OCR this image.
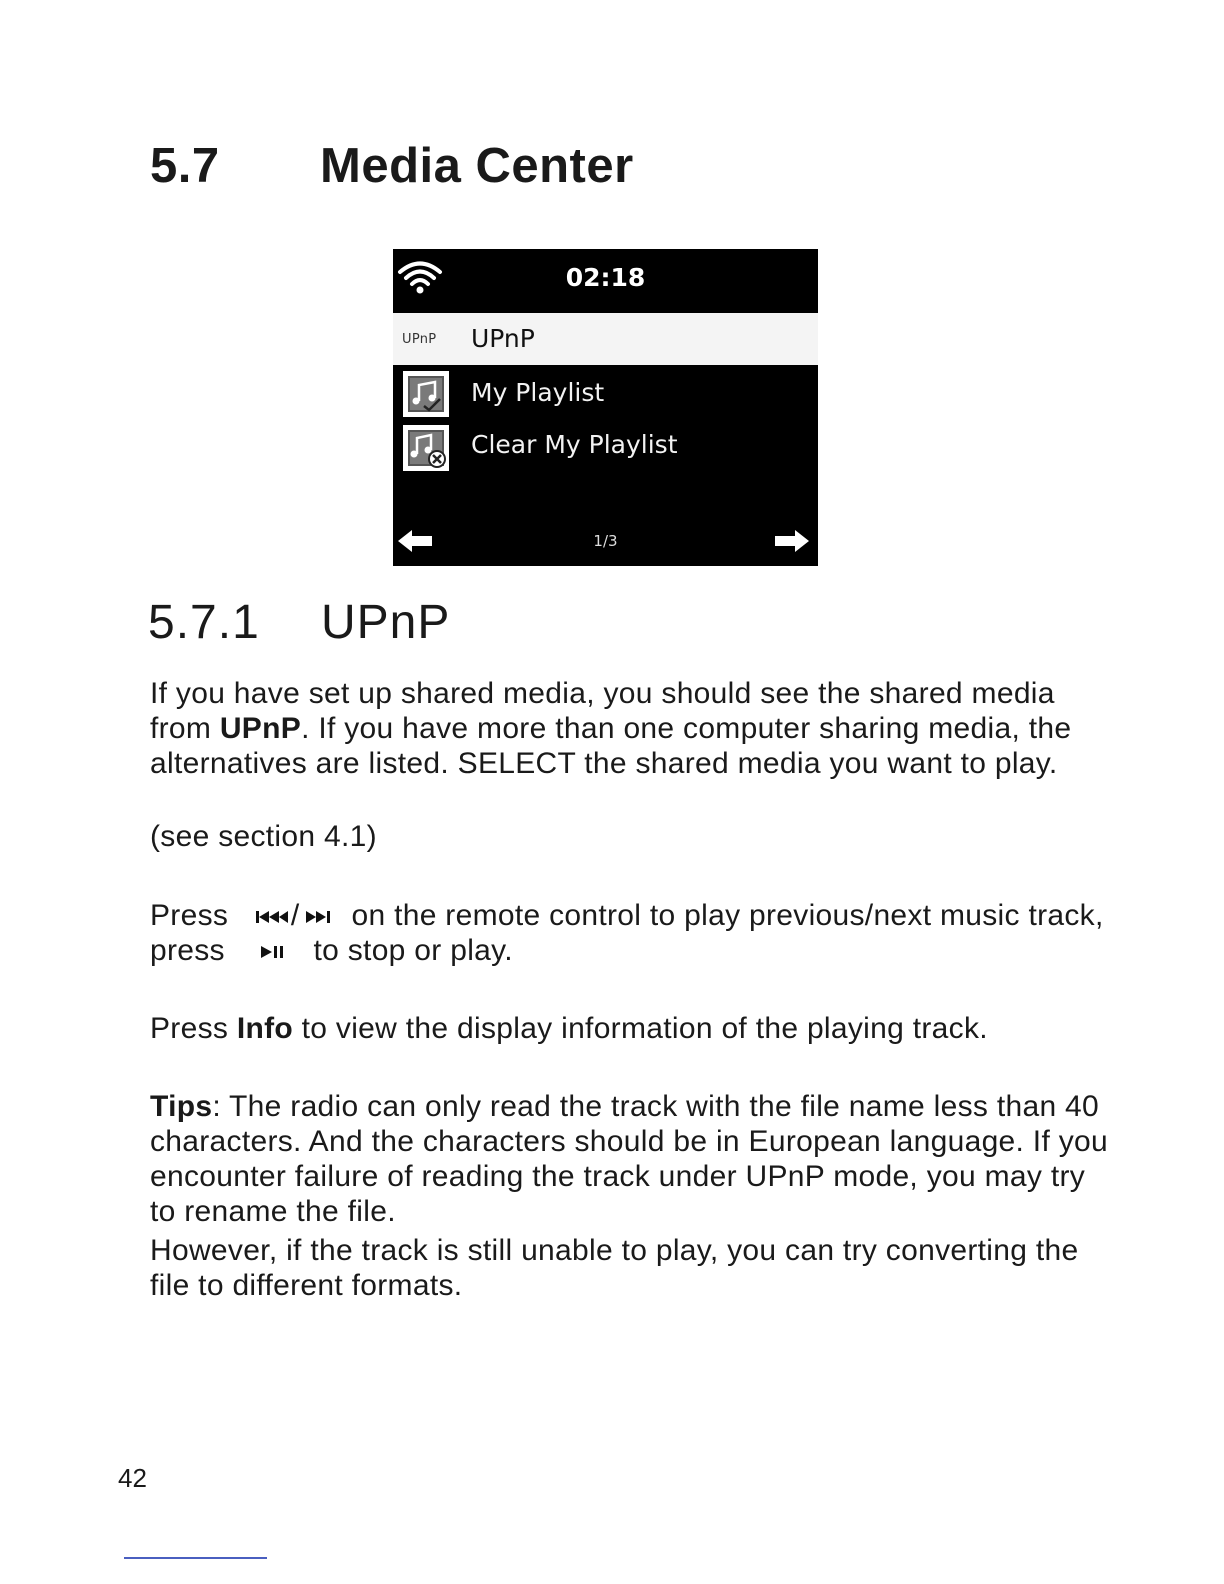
5.7 Media Center
02:18
UPnP UPnP
My Playlist
Clear My Playlist
1/3
5.7.1 UPnP

If you have set up shared media, you should see the shared media from UPnP. If you have more than one computer sharing media, the alternatives are listed. SELECT the shared media you want to play.

(see section 4.1)

Press / on the remote control to play previous/next music track, press	to stop or play.

Press Info to view the display information of the playing track.

Tips: The radio can only read the track with the file name less than 40 characters. And the characters should be in European language. If you encounter failure of reading the track under UPnP mode, you may try to rename the file.

However, if the track is still unable to play, you can try converting the file to different formats.

42
